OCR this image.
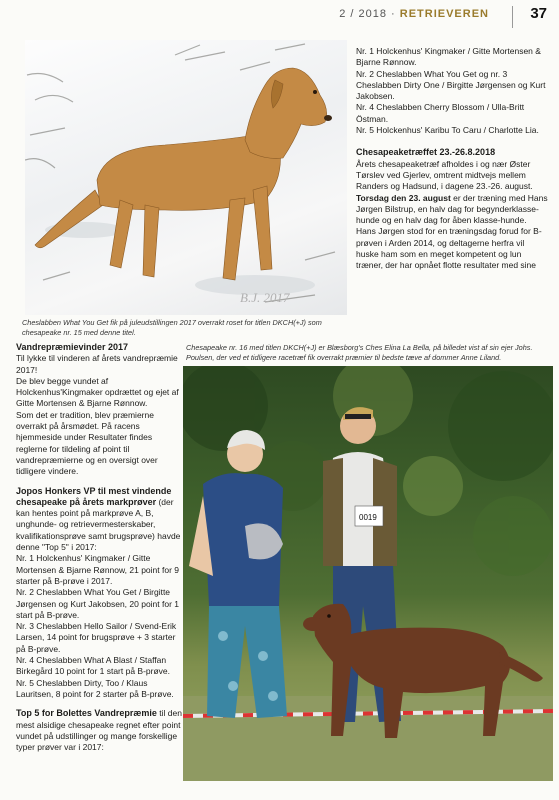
2 / 2018 · RETRIEVEREN	37
B.J. 2017
Cheslabben What You Get fik på juleudstillingen 2017 overrakt roset for titlen DKCH(+J) som chesapeake nr. 15 med denne titel.

Nr. 1 Holckenhus' Kingmaker / Gitte Mortensen & Bjarne Rønnow.

Nr. 2 Cheslabben What You Get og nr. 3 Cheslabben Dirty One / Birgitte Jørgensen og Kurt Jakobsen.

Nr. 4 Cheslabben Cherry Blossom / Ulla-Britt Östman.

Nr. 5 Holckenhus' Karibu To Caru / Charlotte Lia.

Chesapeaketræffet 23.-26.8.2018

Årets chesapeaketræf afholdes i og nær Øster Tørslev ved Gjerlev, omtrent midtvejs mellem Randers og Hadsund, i dagene 23.-26. august.

Torsdag den 23. august er der træning med Hans Jørgen Bilstrup, en halv dag for begynderklasse-hunde og en halv dag for åben klasse-hunde. Hans Jørgen stod for en træningsdag forud for B-prøven i Arden 2014, og deltagerne herfra vil huske ham som en meget kompetent og lun træner, der har opnået flotte resultater med sine

Chesapeake nr. 16 med titlen DKCH(+J) er Blæsborg's Ches Elina La Bella, på billedet vist af sin ejer Johs. Poulsen, der ved et tidligere racetræf fik overrakt præmier til bedste tæve af dommer Anne Liland.
0019

Vandrepræmievinder 2017

Til lykke til vinderen af årets vandrepræmie 2017!

De blev begge vundet af Holckenhus'Kingmaker opdrættet og ejet af Gitte Mortensen & Bjarne Rønnow.

Som det er tradition, blev præmierne overrakt på årsmødet. På racens hjemmeside under Resultater findes reglerne for tildeling af point til vandrepræmierne og en oversigt over tidligere vindere.

Jopos Honkers VP til mest vindende chesapeake på årets markprøver (der kan hentes point på markprøve A, B, unghunde- og retrievermesterskaber, kvalifikationsprøve samt brugsprøve) havde denne "Top 5" i 2017:

Nr. 1 Holckenhus' Kingmaker / Gitte Mortensen & Bjarne Rønnow, 21 point for 9 starter på B-prøve i 2017.

Nr. 2 Cheslabben What You Get / Birgitte Jørgensen og Kurt Jakobsen, 20 point for 1 start på B-prøve.

Nr. 3 Cheslabben Hello Sailor / Svend-Erik Larsen, 14 point for brugsprøve + 3 starter på B-prøve.

Nr. 4 Cheslabben What A Blast / Staffan Birkegård 10 point for 1 start på B-prøve.

Nr. 5 Cheslabben Dirty, Too / Klaus Lauritsen, 8 point for 2 starter på B-prøve.

Top 5 for Bolettes Vandrepræmie til den mest alsidige chesapeake regnet efter point vundet på udstillinger og mange forskellige typer prøver var i 2017:
